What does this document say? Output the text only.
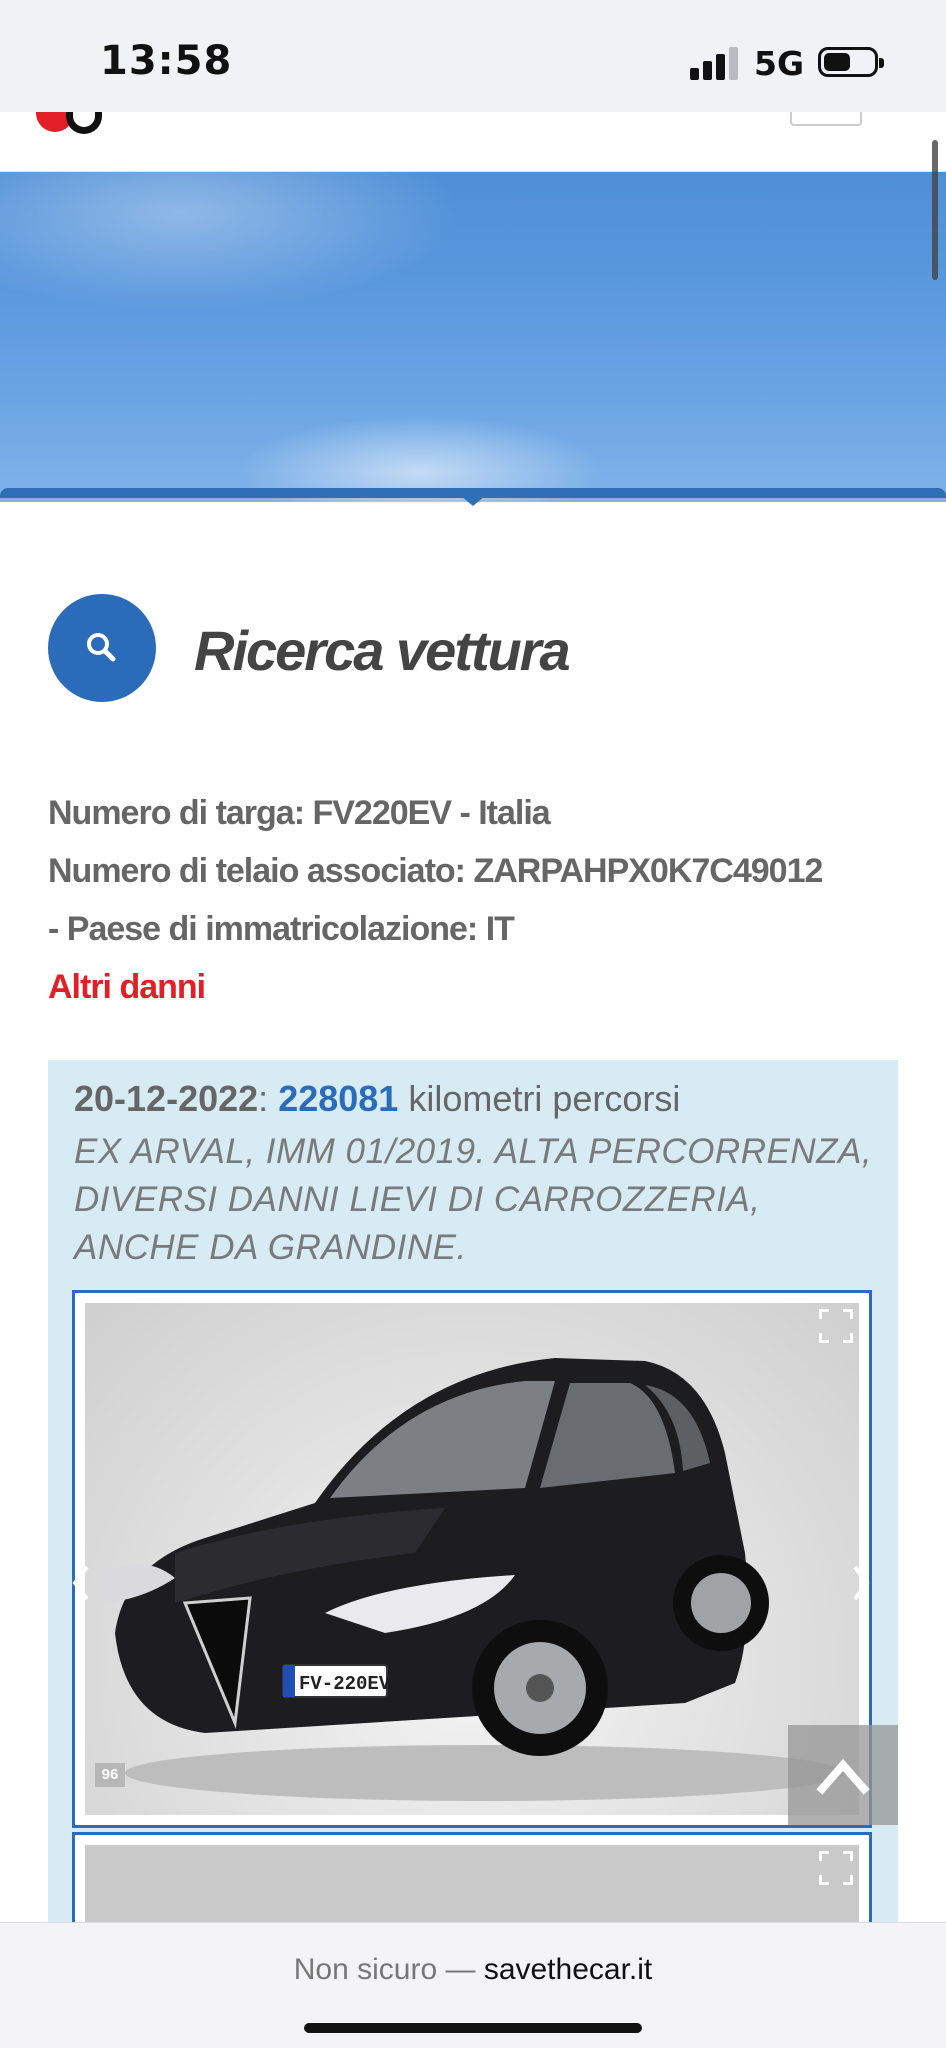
13:58	5G
Ricerca vettura
Numero di targa: FV220EV - Italia
Numero di telaio associato: ZARPAHPX0K7C49012
- Paese di immatricolazione: IT
Altri danni
20-12-2022: 228081 kilometri percorsi

EX ARVAL, IMM 01/2019. ALTA PERCORRENZA, DIVERSI DANNI LIEVI DI CARROZZERIA, ANCHE DA GRANDINE.

FV-220EV
96
Non sicuro — savethecar.it
